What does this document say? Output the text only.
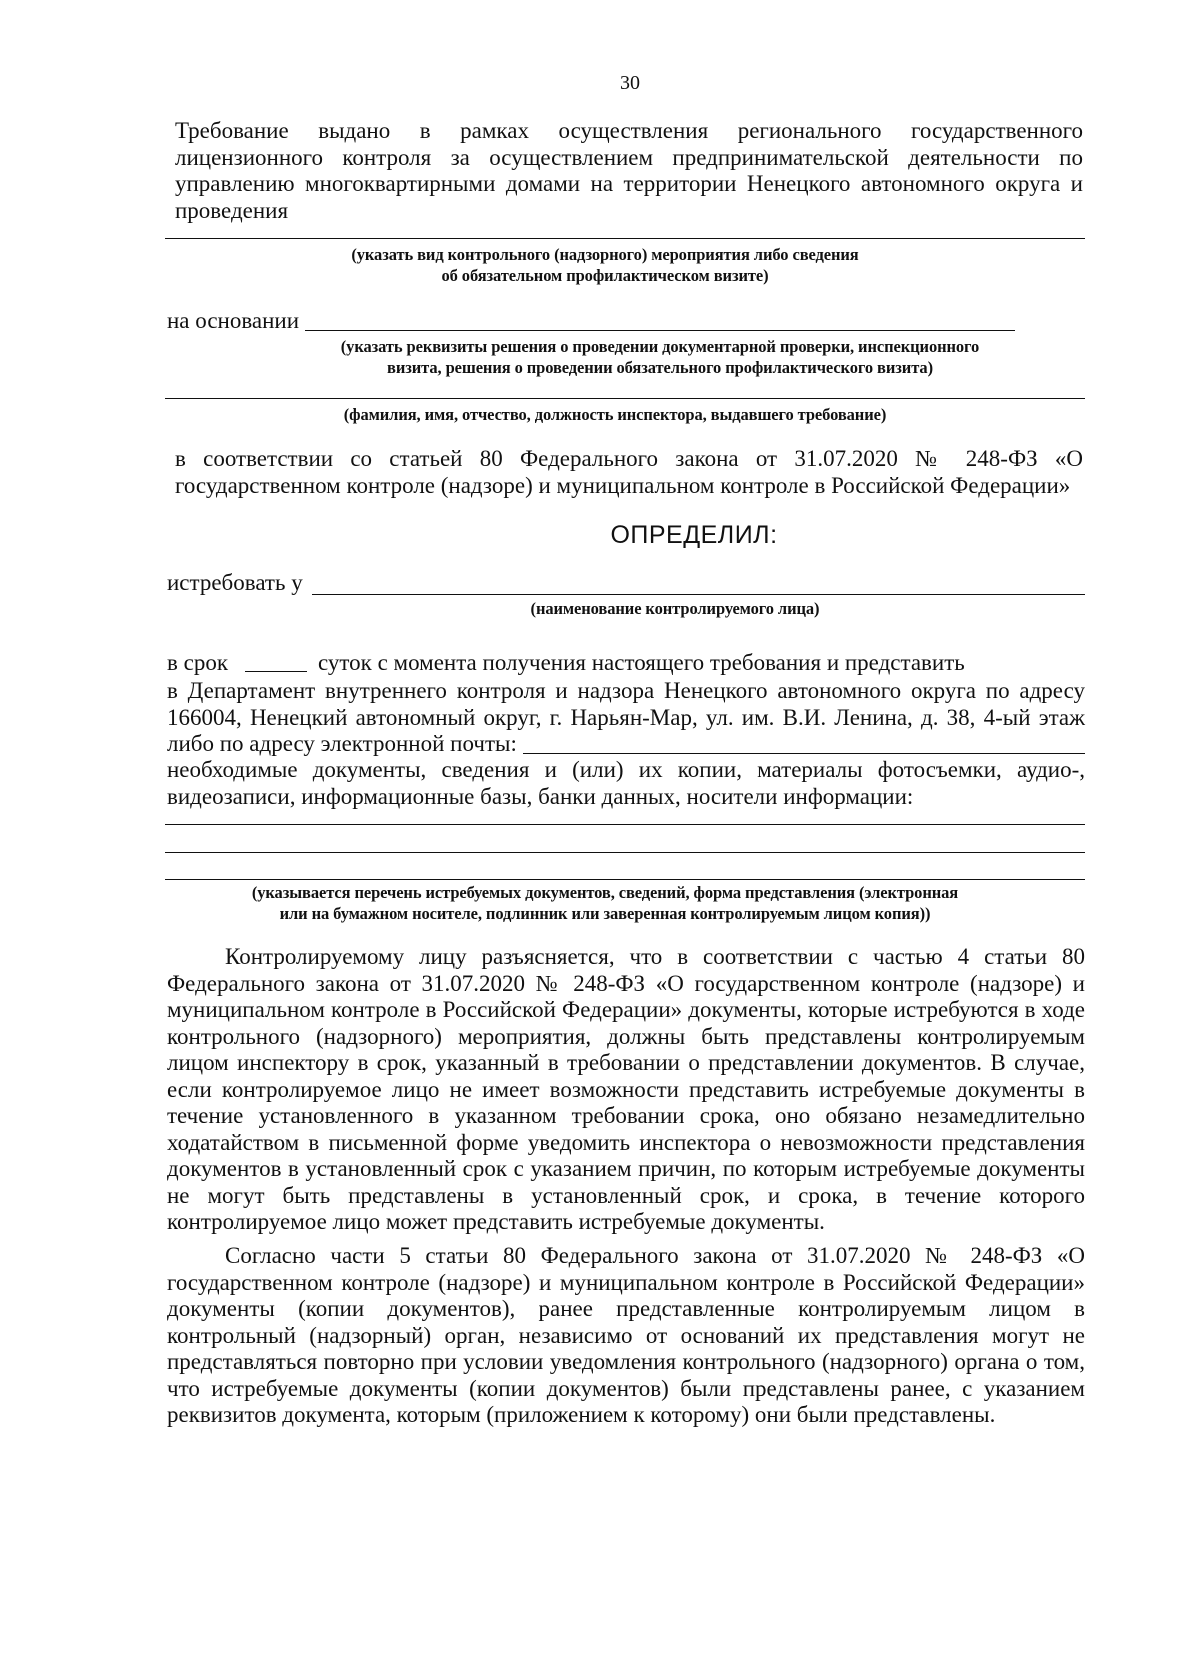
30
Требование выдано в рамках осуществления регионального государственного лицензионного контроля за осуществлением предпринимательской деятельности по управлению многоквартирными домами на территории Ненецкого автономного округа и проведения
(указать вид контрольного (надзорного) мероприятия либо сведения
об обязательном профилактическом визите)
на основании
(указать реквизиты решения о проведении документарной проверки, инспекционного
визита, решения о проведении обязательного профилактического визита)
(фамилия, имя, отчество, должность инспектора, выдавшего требование)
в соответствии со статьей 80 Федерального закона от 31.07.2020 № 248-ФЗ «О государственном контроле (надзоре) и муниципальном контроле в Российской Федерации»
ОПРЕДЕЛИЛ:
истребовать у
(наименование контролируемого лица)
в срок	суток с момента получения настоящего требования и представить
в Департамент внутреннего контроля и надзора Ненецкого автономного округа по адресу
166004, Ненецкий автономный округ, г. Нарьян-Мар, ул. им. В.И. Ленина, д. 38, 4-ый этаж
либо по адресу электронной почты:
необходимые документы, сведения и (или) их копии, материалы фотосъемки, аудио-, видеозаписи, информационные базы, банки данных, носители информации:
(указывается перечень истребуемых документов, сведений, форма представления (электронная
или на бумажном носителе, подлинник или заверенная контролируемым лицом копия))
Контролируемому лицу разъясняется, что в соответствии с частью 4 статьи 80 Федерального закона от 31.07.2020 № 248-ФЗ «О государственном контроле (надзоре) и муниципальном контроле в Российской Федерации» документы, которые истребуются в ходе контрольного (надзорного) мероприятия, должны быть представлены контролируемым лицом инспектору в срок, указанный в требовании о представлении документов. В случае, если контролируемое лицо не имеет возможности представить истребуемые документы в течение установленного в указанном требовании срока, оно обязано незамедлительно ходатайством в письменной форме уведомить инспектора о невозможности представления документов в установленный срок с указанием причин, по которым истребуемые документы не могут быть представлены в установленный срок, и срока, в течение которого контролируемое лицо может представить истребуемые документы.
Согласно части 5 статьи 80 Федерального закона от 31.07.2020 № 248-ФЗ «О государственном контроле (надзоре) и муниципальном контроле в Российской Федерации» документы (копии документов), ранее представленные контролируемым лицом в контрольный (надзорный) орган, независимо от оснований их представления могут не представляться повторно при условии уведомления контрольного (надзорного) органа о том, что истребуемые документы (копии документов) были представлены ранее, с указанием реквизитов документа, которым (приложением к которому) они были представлены.
